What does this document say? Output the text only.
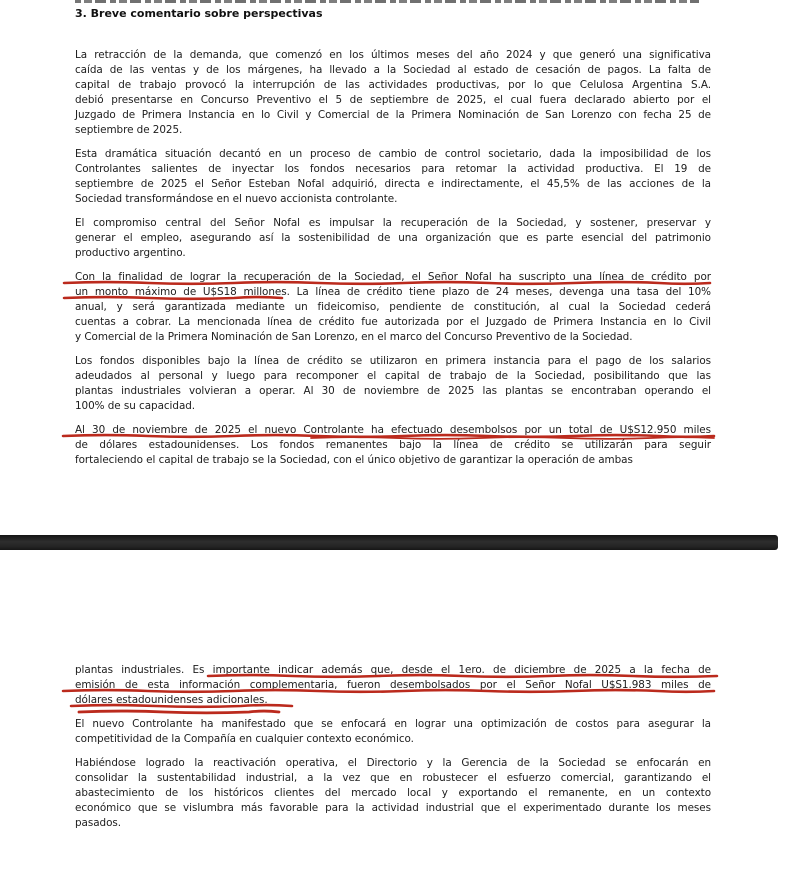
3. Breve comentario sobre perspectivas
La retracción de la demanda, que comenzó en los últimos meses del año 2024 y que generó una significativa
caída de las ventas y de los márgenes, ha llevado a la Sociedad al estado de cesación de pagos. La falta de
capital de trabajo provocó la interrupción de las actividades productivas, por lo que Celulosa Argentina S.A.
debió presentarse en Concurso Preventivo el 5 de septiembre de 2025, el cual fuera declarado abierto por el
Juzgado de Primera Instancia en lo Civil y Comercial de la Primera Nominación de San Lorenzo con fecha 25 de
septiembre de 2025.
Esta dramática situación decantó en un proceso de cambio de control societario, dada la imposibilidad de los
Controlantes salientes de inyectar los fondos necesarios para retomar la actividad productiva. El 19 de
septiembre de 2025 el Señor Esteban Nofal adquirió, directa e indirectamente, el 45,5% de las acciones de la
Sociedad transformándose en el nuevo accionista controlante.
El compromiso central del Señor Nofal es impulsar la recuperación de la Sociedad, y sostener, preservar y
generar el empleo, asegurando así la sostenibilidad de una organización que es parte esencial del patrimonio
productivo argentino.
Con la finalidad de lograr la recuperación de la Sociedad, el Señor Nofal ha suscripto una línea de crédito por
un monto máximo de U$S18 millones. La línea de crédito tiene plazo de 24 meses, devenga una tasa del 10%
anual, y será garantizada mediante un fideicomiso, pendiente de constitución, al cual la Sociedad cederá
cuentas a cobrar. La mencionada línea de crédito fue autorizada por el Juzgado de Primera Instancia en lo Civil
y Comercial de la Primera Nominación de San Lorenzo, en el marco del Concurso Preventivo de la Sociedad.
Los fondos disponibles bajo la línea de crédito se utilizaron en primera instancia para el pago de los salarios
adeudados al personal y luego para recomponer el capital de trabajo de la Sociedad, posibilitando que las
plantas industriales volvieran a operar. Al 30 de noviembre de 2025 las plantas se encontraban operando el
100% de su capacidad.
Al 30 de noviembre de 2025 el nuevo Controlante ha efectuado desembolsos por un total de U$S12.950 miles
de dólares estadounidenses. Los fondos remanentes bajo la línea de crédito se utilizarán para seguir
fortaleciendo el capital de trabajo se la Sociedad, con el único objetivo de garantizar la operación de ambas
plantas industriales. Es importante indicar además que, desde el 1ero. de diciembre de 2025 a la fecha de
emisión de esta información complementaria, fueron desembolsados por el Señor Nofal U$S1.983 miles de
dólares estadounidenses adicionales.
El nuevo Controlante ha manifestado que se enfocará en lograr una optimización de costos para asegurar la
competitividad de la Compañía en cualquier contexto económico.
Habiéndose logrado la reactivación operativa, el Directorio y la Gerencia de la Sociedad se enfocarán en
consolidar la sustentabilidad industrial, a la vez que en robustecer el esfuerzo comercial, garantizando el
abastecimiento de los históricos clientes del mercado local y exportando el remanente, en un contexto
económico que se vislumbra más favorable para la actividad industrial que el experimentado durante los meses
pasados.
